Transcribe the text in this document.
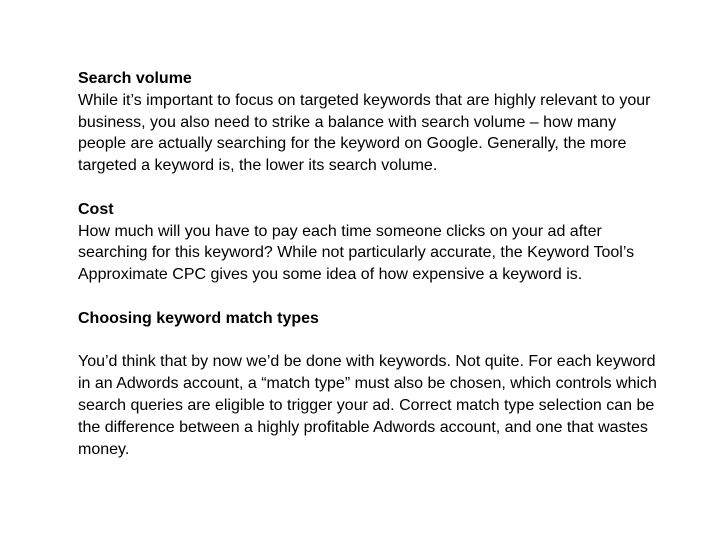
Search volume
While it’s important to focus on targeted keywords that are highly relevant to your business, you also need to strike a balance with search volume – how many people are actually searching for the keyword on Google. Generally, the more targeted a keyword is, the lower its search volume.
Cost
How much will you have to pay each time someone clicks on your ad after searching for this keyword? While not particularly accurate, the Keyword Tool’s Approximate CPC gives you some idea of how expensive a keyword is.
Choosing keyword match types
You’d think that by now we’d be done with keywords. Not quite. For each keyword in an Adwords account, a “match type” must also be chosen, which controls which search queries are eligible to trigger your ad. Correct match type selection can be the difference between a highly profitable Adwords account, and one that wastes money.
